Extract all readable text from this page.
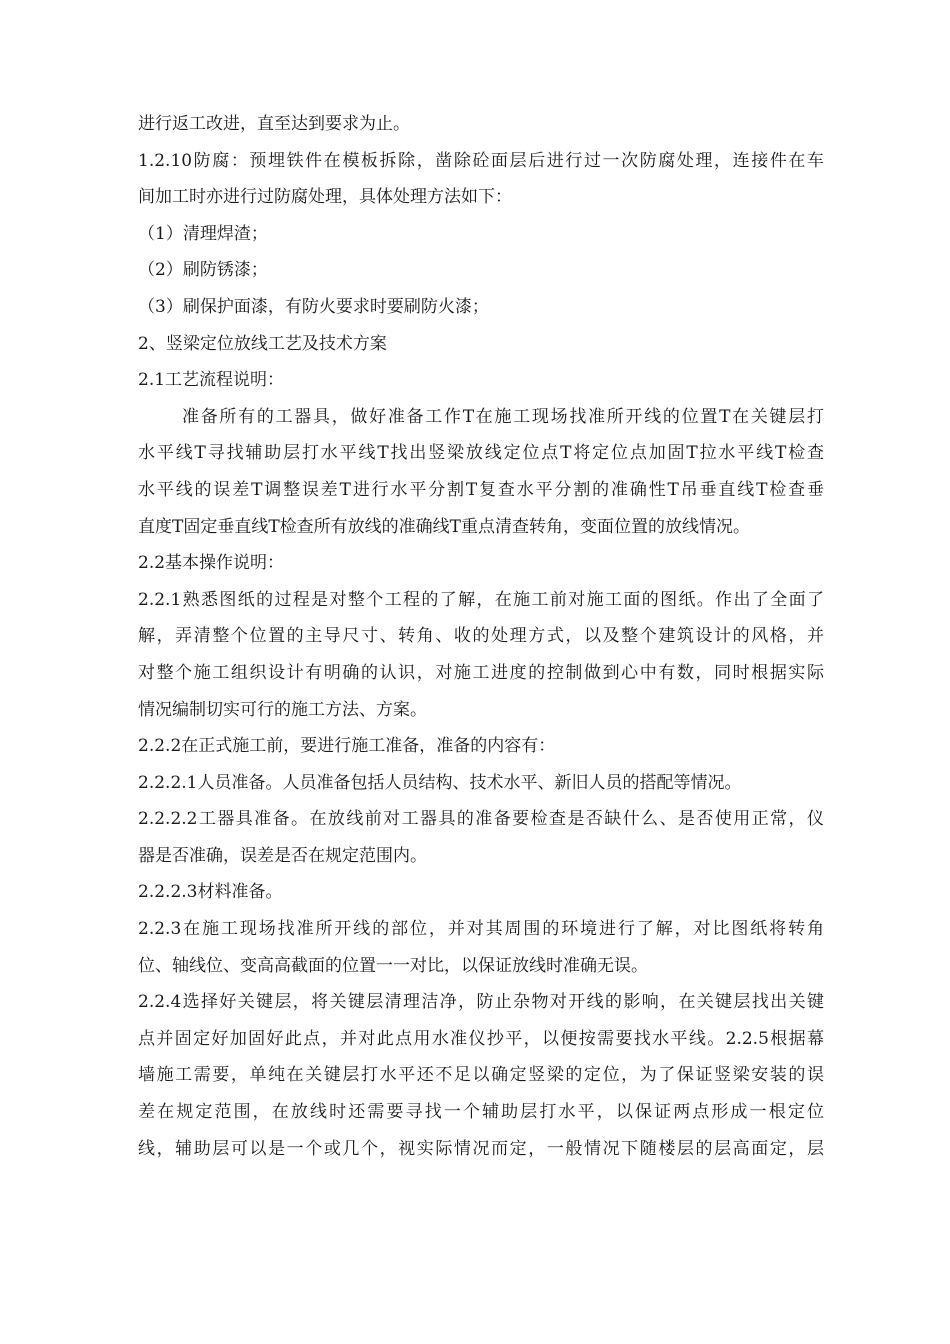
进行返工改进，直至达到要求为止。
1.2.10防腐：预埋铁件在模板拆除，凿除砼面层后进行过一次防腐处理，连接件在车
间加工时亦进行过防腐处理，具体处理方法如下：
（1）清理焊渣；
（2）刷防锈漆；
（3）刷保护面漆，有防火要求时要刷防火漆；
2、竖梁定位放线工艺及技术方案
2.1工艺流程说明：
准备所有的工器具，做好准备工作T在施工现场找准所开线的位置T在关键层打
水平线T寻找辅助层打水平线T找出竖梁放线定位点T将定位点加固T拉水平线T检查
水平线的误差T调整误差T进行水平分割T复查水平分割的准确性T吊垂直线T检查垂
直度T固定垂直线T检查所有放线的准确线T重点清查转角，变面位置的放线情况。
2.2基本操作说明：
2.2.1熟悉图纸的过程是对整个工程的了解，在施工前对施工面的图纸。作出了全面了
解，弄清整个位置的主导尺寸、转角、收的处理方式，以及整个建筑设计的风格，并
对整个施工组织设计有明确的认识，对施工进度的控制做到心中有数，同时根据实际
情况编制切实可行的施工方法、方案。
2.2.2在正式施工前，要进行施工准备，准备的内容有：
2.2.2.1人员准备。人员准备包括人员结构、技术水平、新旧人员的搭配等情况。
2.2.2.2工器具准备。在放线前对工器具的准备要检查是否缺什么、是否使用正常，仪
器是否准确，误差是否在规定范围内。
2.2.2.3材料准备。
2.2.3在施工现场找准所开线的部位，并对其周围的环境进行了解，对比图纸将转角
位、轴线位、变高高截面的位置一一对比，以保证放线时准确无误。
2.2.4选择好关键层，将关键层清理洁净，防止杂物对开线的影响，在关键层找出关键
点并固定好加固好此点，并对此点用水准仪抄平，以便按需要找水平线。2.2.5根据幕
墙施工需要，单纯在关键层打水平还不足以确定竖梁的定位，为了保证竖梁安装的误
差在规定范围，在放线时还需要寻找一个辅助层打水平，以保证两点形成一根定位
线，辅助层可以是一个或几个，视实际情况而定，一般情况下随楼层的层高面定，层
